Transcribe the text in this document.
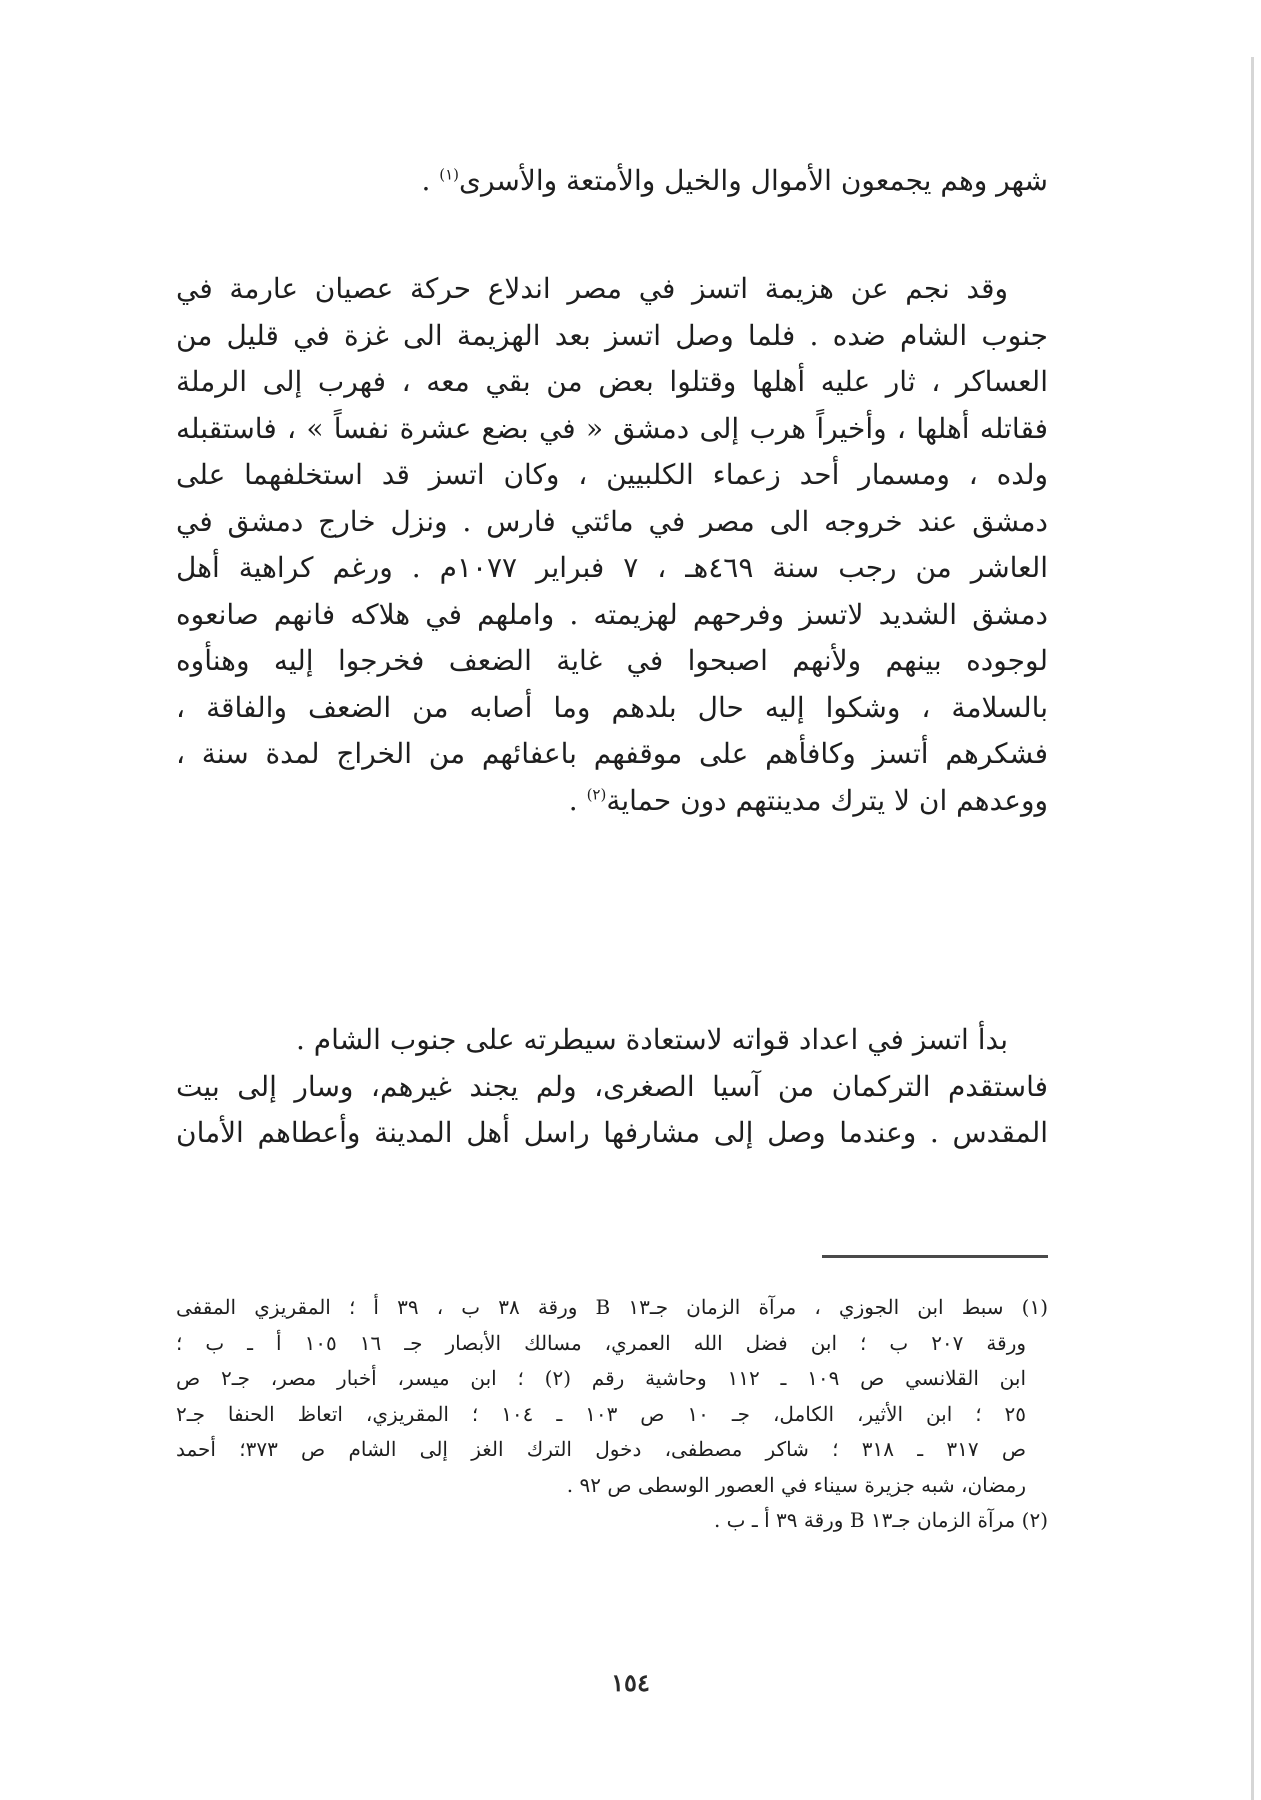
شهر وهم يجمعون الأموال والخيل والأمتعة والأسرى$^{(١)}$ .
وقد نجم عن هزيمة اتسز في مصر اندلاع حركة عصيان عارمة في
جنوب الشام ضده . فلما وصل اتسز بعد الهزيمة الى غزة في قليل من
العساكر ، ثار عليه أهلها وقتلوا بعض من بقي معه ، فهرب إلى الرملة
فقاتله أهلها ، وأخيراً هرب إلى دمشق « في بضع عشرة نفساً » ، فاستقبله
ولده ، ومسمار أحد زعماء الكلبيين ، وكان اتسز قد استخلفهما على
دمشق عند خروجه الى مصر في مائتي فارس . ونزل خارج دمشق في
العاشر من رجب سنة ٤٦٩هـ ، ٧ فبراير ١٠٧٧م . ورغم كراهية أهل
دمشق الشديد لاتسز وفرحهم لهزيمته . واملهم في هلاكه فانهم صانعوه
لوجوده بينهم ولأنهم اصبحوا في غاية الضعف فخرجوا إليه وهنأوه
بالسلامة ، وشكوا إليه حال بلدهم وما أصابه من الضعف والفاقة ،
فشكرهم أتسز وكافأهم على موقفهم باعفائهم من الخراج لمدة سنة ،
ووعدهم ان لا يترك مدينتهم دون حماية$^{(٢)}$ .
بدأ اتسز في اعداد قواته لاستعادة سيطرته على جنوب الشام .
فاستقدم التركمان من آسيا الصغرى، ولم يجند غيرهم، وسار إلى بيت
المقدس . وعندما وصل إلى مشارفها راسل أهل المدينة وأعطاهم الأمان
(١) سبط ابن الجوزي ، مرآة الزمان جـ١٣ B ورقة ٣٨ ب ، ٣٩ أ ؛ المقريزي المقفى
ورقة ٢٠٧ ب ؛ ابن فضل الله العمري، مسالك الأبصار جـ ١٦ ١٠٥ أ ـ ب ؛
ابن القلانسي ص ١٠٩ ـ ١١٢ وحاشية رقم (٢) ؛ ابن ميسر، أخبار مصر، جـ٢ ص
٢٥ ؛ ابن الأثير، الكامل، جـ ١٠ ص ١٠٣ ـ ١٠٤ ؛ المقريزي، اتعاظ الحنفا جـ٢
ص ٣١٧ ـ ٣١٨ ؛ شاكر مصطفى، دخول الترك الغز إلى الشام ص ٣٧٣؛ أحمد
رمضان، شبه جزيرة سيناء في العصور الوسطى ص ٩٢ .
(٢) مرآة الزمان جـ١٣ B ورقة ٣٩ أ ـ ب .
١٥٤
